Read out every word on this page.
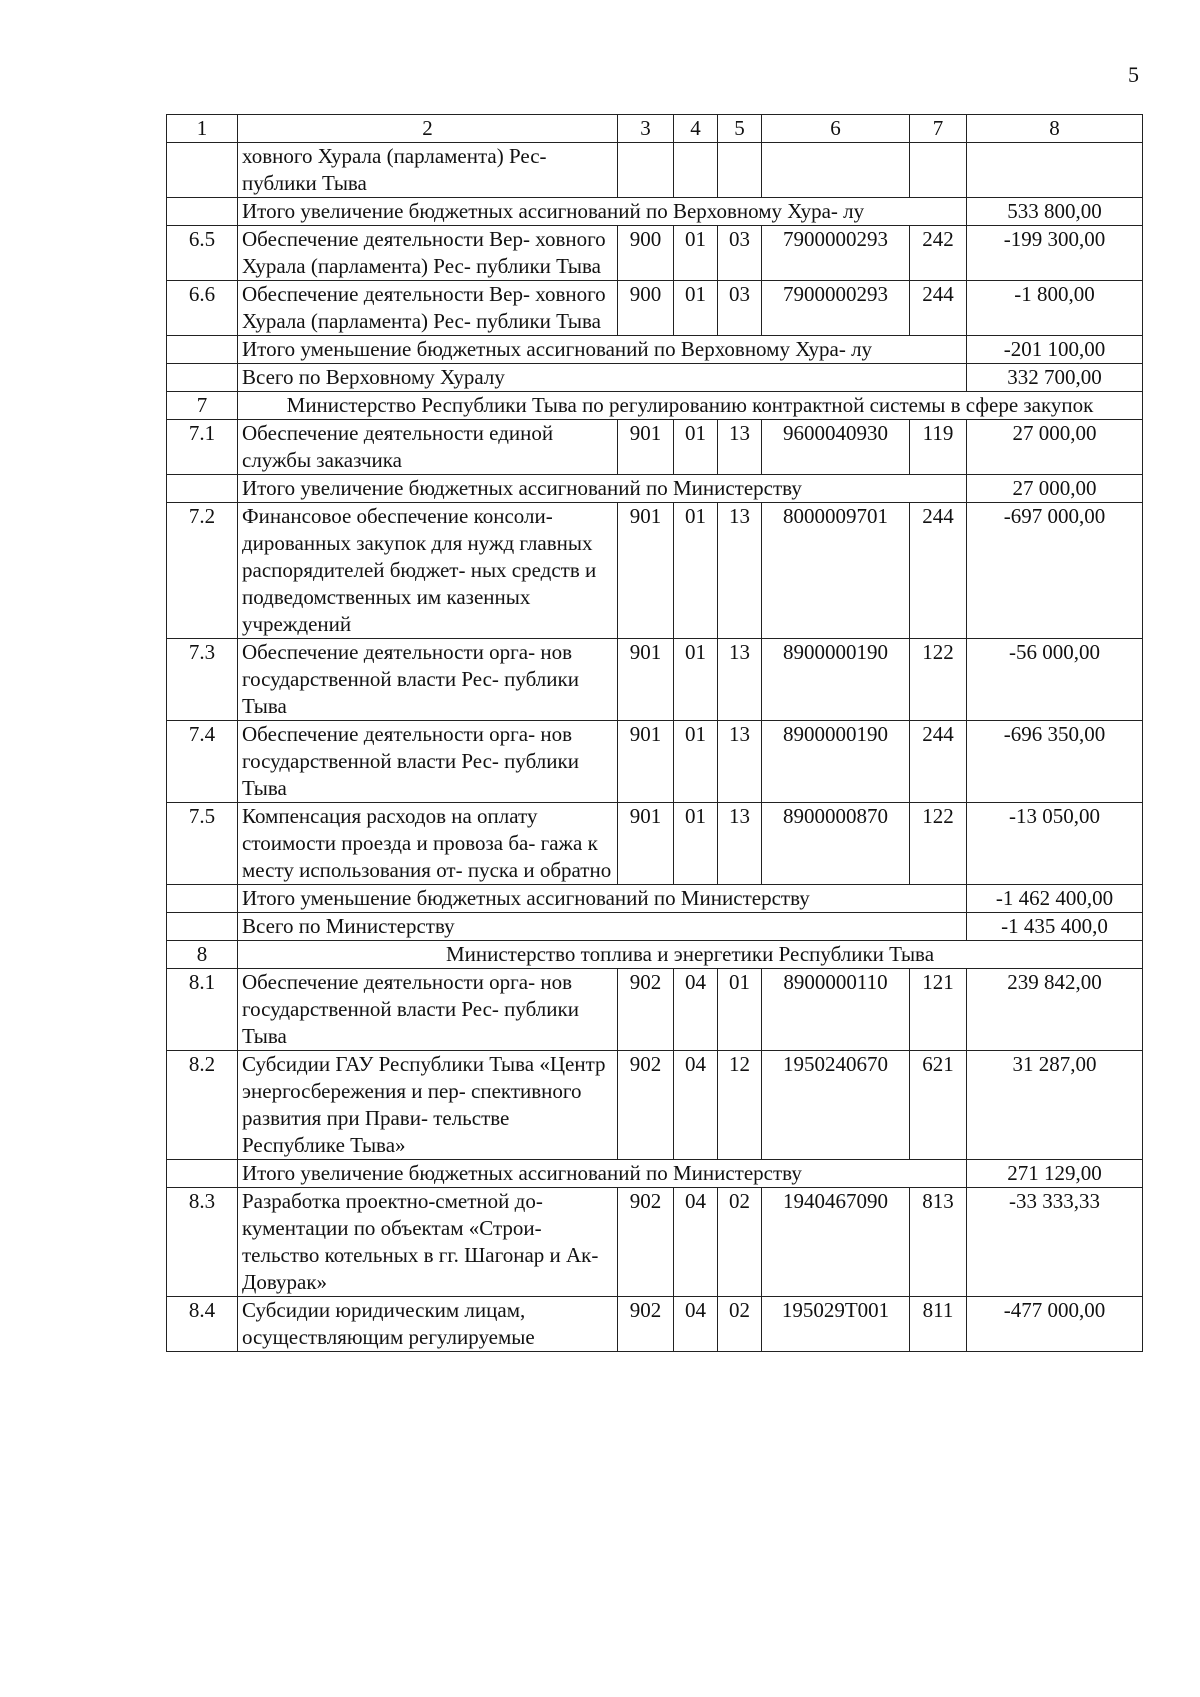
5
1	2	3	4	5	6	7	8
	ховного Хурала (парламента) Рес- публики Тыва						
	Итого увеличение бюджетных ассигнований по Верховному Хура- лу						533 800,00
6.5	Обеспечение деятельности Вер- ховного Хурала (парламента) Рес- публики Тыва	900	01	03	7900000293	242	-199 300,00
6.6	Обеспечение деятельности Вер- ховного Хурала (парламента) Рес- публики Тыва	900	01	03	7900000293	244	-1 800,00
	Итого уменьшение бюджетных ассигнований по Верховному Хура- лу						-201 100,00
	Всего по Верховному Хуралу						332 700,00
7	Министерство Республики Тыва по регулированию контрактной системы в сфере закупок						
7.1	Обеспечение деятельности единой службы заказчика	901	01	13	9600040930	119	27 000,00
	Итого увеличение бюджетных ассигнований по Министерству						27 000,00
7.2	Финансовое обеспечение консоли- дированных закупок для нужд главных распорядителей бюджет- ных средств и подведомственных им казенных учреждений	901	01	13	8000009701	244	-697 000,00
7.3	Обеспечение деятельности орга- нов государственной власти Рес- публики Тыва	901	01	13	8900000190	122	-56 000,00
7.4	Обеспечение деятельности орга- нов государственной власти Рес- публики Тыва	901	01	13	8900000190	244	-696 350,00
7.5	Компенсация расходов на оплату стоимости проезда и провоза ба- гажа к месту использования от- пуска и обратно	901	01	13	8900000870	122	-13 050,00
	Итого уменьшение бюджетных ассигнований по Министерству						-1 462 400,00
	Всего по Министерству						-1 435 400,0
8	Министерство топлива и энергетики Республики Тыва						
8.1	Обеспечение деятельности орга- нов государственной власти Рес- публики Тыва	902	04	01	8900000110	121	239 842,00
8.2	Субсидии ГАУ Республики Тыва «Центр энергосбережения и пер- спективного развития при Прави- тельстве Республике Тыва»	902	04	12	1950240670	621	31 287,00
	Итого увеличение бюджетных ассигнований по Министерству						271 129,00
8.3	Разработка проектно-сметной до- кументации по объектам «Строи- тельство котельных в гг. Шагонар и Ак-Довурак»	902	04	02	1940467090	813	-33 333,33
8.4	Субсидии юридическим лицам, осуществляющим регулируемые	902	04	02	195029Т001	811	-477 000,00
